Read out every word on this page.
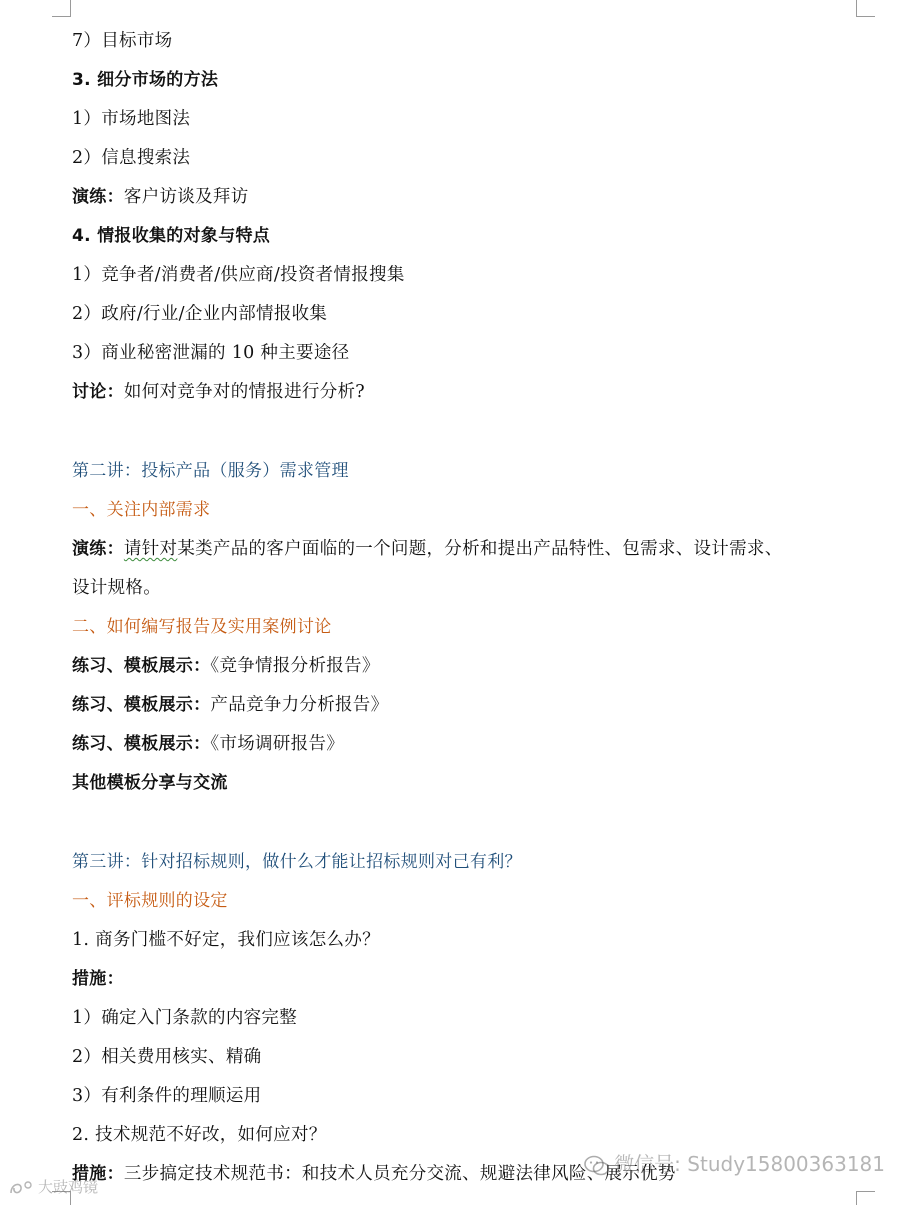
7）目标市场
3. 细分市场的方法
1）市场地图法
2）信息搜索法
演练：客户访谈及拜访
4. 情报收集的对象与特点
1）竞争者/消费者/供应商/投资者情报搜集
2）政府/行业/企业内部情报收集
3）商业秘密泄漏的 10 种主要途径
讨论：如何对竞争对的情报进行分析?
第二讲：投标产品（服务）需求管理
一、关注内部需求
演练：请针对某类产品的客户面临的一个问题，分析和提出产品特性、包需求、设计需求、
设计规格。
二、如何编写报告及实用案例讨论
练习、模板展示：《竞争情报分析报告》
练习、模板展示：产品竞争力分析报告》
练习、模板展示：《市场调研报告》
其他模板分享与交流
第三讲：针对招标规则，做什么才能让招标规则对己有利？
一、评标规则的设定
1. 商务门槛不好定，我们应该怎么办？
措施：
1）确定入门条款的内容完整
2）相关费用核实、精确
3）有利条件的理顺运用
2. 技术规范不好改，如何应对？
措施：三步搞定技术规范书：和技术人员充分交流、规避法律风险、展示优势
微信号: Study15800363181
大豉鸡镜
